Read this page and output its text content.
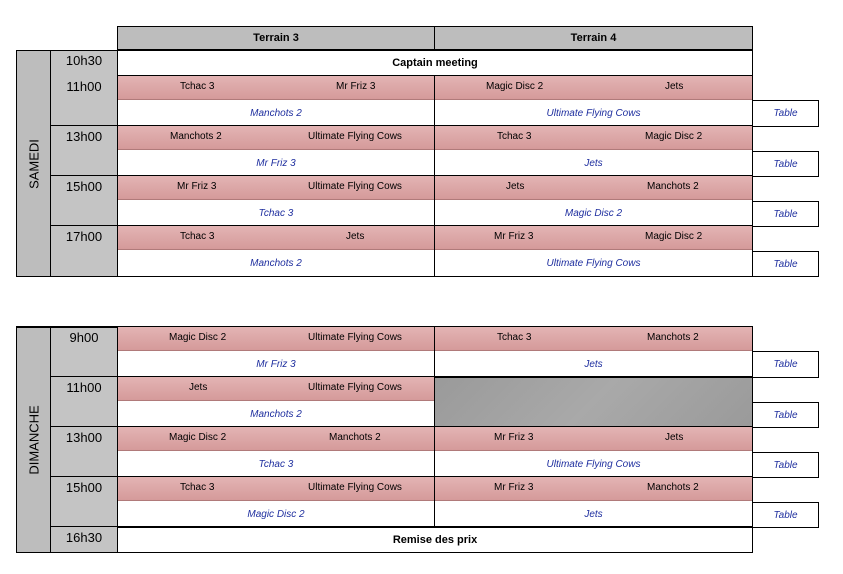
Terrain 3	Terrain 4
SAMEDI
10h30	Captain meeting
11h00	Tchac 3	Mr Friz 3	Magic Disc 2	Jets
Manchots 2	Ultimate Flying Cows	Table
13h00	Manchots 2	Ultimate Flying Cows	Tchac 3	Magic Disc 2
Mr Friz 3	Jets	Table
15h00	Mr Friz 3	Ultimate Flying Cows	Jets	Manchots 2
Tchac 3	Magic Disc 2	Table
17h00	Tchac 3	Jets	Mr Friz 3	Magic Disc 2
Manchots 2	Ultimate Flying Cows	Table
DIMANCHE
9h00	Magic Disc 2	Ultimate Flying Cows	Tchac 3	Manchots 2
Mr Friz 3	Jets	Table
11h00	Jets	Ultimate Flying Cows
Manchots 2	Table
13h00	Magic Disc 2	Manchots 2	Mr Friz 3	Jets
Tchac 3	Ultimate Flying Cows	Table
15h00	Tchac 3	Ultimate Flying Cows	Mr Friz 3	Manchots 2
Magic Disc 2	Jets	Table
16h30	Remise des prix
